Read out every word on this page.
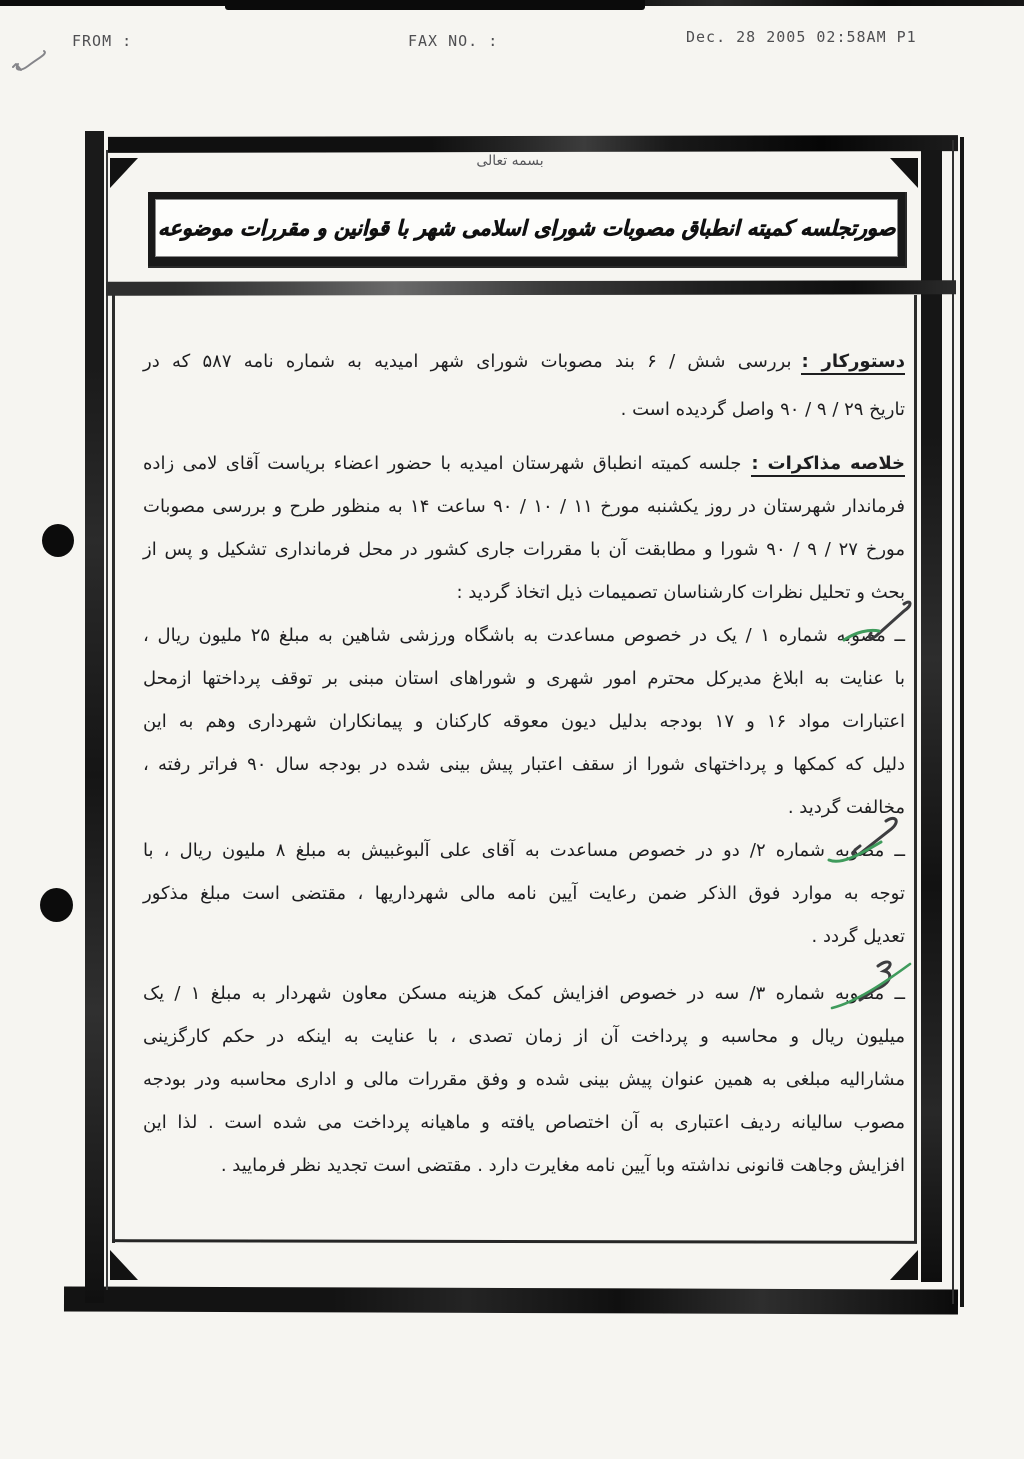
FROM :	FAX NO. :	Dec. 28 2005 02:58AM P1
بسمه تعالی
صورتجلسه کمیته انطباق مصوبات شورای اسلامی شهر با قوانین و مقررات موضوعه
دستورکار :بررسی شش / ۶ بند مصوبات شورای شهر امیدیه به شماره نامه ۵۸۷ که در
تاریخ ۲۹ / ۹ / ۹۰ واصل گردیده است .
خلاصه مذاکرات :جلسه کمیته انطباق شهرستان امیدیه با حضور اعضاء بریاست آقای لامی زاده
فرماندار شهرستان در روز یکشنبه مورخ ۱۱ / ۱۰ / ۹۰ ساعت ۱۴ به منظور طرح و بررسی مصوبات
مورخ ۲۷ / ۹ / ۹۰ شورا و مطابقت آن با مقررات جاری کشور در محل فرمانداری تشکیل و پس از
بحث و تحلیل نظرات کارشناسان تصمیمات ذیل اتخاذ گردید :
ــ مصوبه شماره ۱ / یک در خصوص مساعدت به باشگاه ورزشی شاهین به مبلغ ۲۵ ملیون ریال ،
با عنایت به ابلاغ مدیرکل محترم امور شهری و شوراهای استان مبنی بر توقف پرداختها ازمحل
اعتبارات مواد ۱۶ و ۱۷ بودجه بدلیل دیون معوقه کارکنان و پیمانکاران شهرداری وهم به این
دلیل که کمکها و پرداختهای شورا از سقف اعتبار پیش بینی شده در بودجه سال ۹۰ فراتر رفته ،
مخالفت گردید .
ــ مصوبه شماره ۲/ دو در خصوص مساعدت به آقای علی آلبوغبیش به مبلغ ۸ ملیون ریال ، با
توجه به موارد فوق الذکر ضمن رعایت آیین نامه مالی شهرداریها ، مقتضی است مبلغ مذکور
تعدیل گردد .
ــ مصوبه شماره ۳/ سه در خصوص افزایش کمک هزینه مسکن معاون شهردار به مبلغ ۱ / یک
میلیون ریال و محاسبه و پرداخت آن از زمان تصدی ، با عنایت به اینکه در حکم کارگزینی
مشارالیه مبلغی به همین عنوان پیش بینی شده و وفق مقررات مالی و اداری محاسبه ودر بودجه
مصوب سالیانه ردیف اعتباری به آن اختصاص یافته و ماهیانه پرداخت می شده است . لذا این
افزایش وجاهت قانونی نداشته وبا آیین نامه مغایرت دارد . مقتضی است تجدید نظر فرمایید .
